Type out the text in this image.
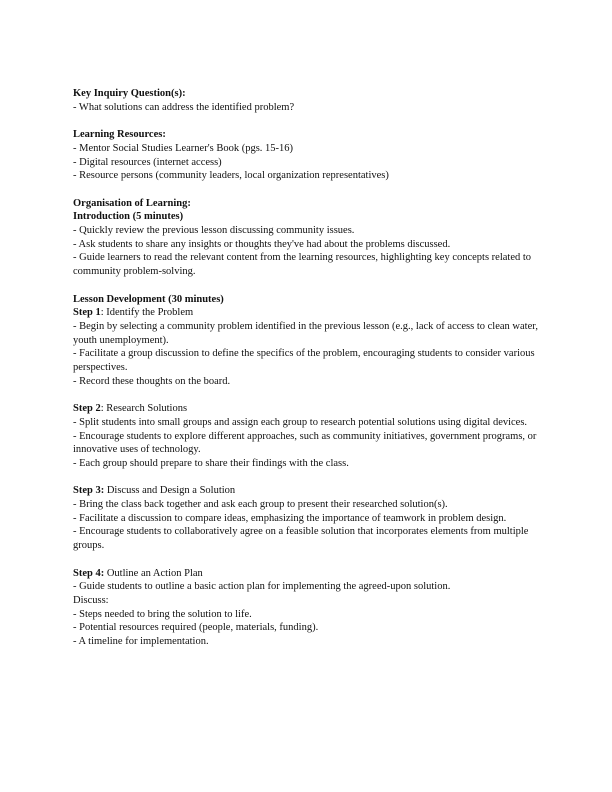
Key Inquiry Question(s):
- What solutions can address the identified problem?
Learning Resources:
- Mentor Social Studies Learner's Book (pgs. 15-16)
- Digital resources (internet access)
- Resource persons (community leaders, local organization representatives)
Organisation of Learning:
Introduction (5 minutes)
- Quickly review the previous lesson discussing community issues.
- Ask students to share any insights or thoughts they've had about the problems discussed.
- Guide learners to read the relevant content from the learning resources, highlighting key concepts related to community problem-solving.
Lesson Development (30 minutes)
Step 1: Identify the Problem
- Begin by selecting a community problem identified in the previous lesson (e.g., lack of access to clean water, youth unemployment).
- Facilitate a group discussion to define the specifics of the problem, encouraging students to consider various perspectives.
- Record these thoughts on the board.
Step 2: Research Solutions
- Split students into small groups and assign each group to research potential solutions using digital devices.
- Encourage students to explore different approaches, such as community initiatives, government programs, or innovative uses of technology.
- Each group should prepare to share their findings with the class.
Step 3: Discuss and Design a Solution
- Bring the class back together and ask each group to present their researched solution(s).
- Facilitate a discussion to compare ideas, emphasizing the importance of teamwork in problem design.
- Encourage students to collaboratively agree on a feasible solution that incorporates elements from multiple groups.
Step 4: Outline an Action Plan
- Guide students to outline a basic action plan for implementing the agreed-upon solution.
Discuss:
- Steps needed to bring the solution to life.
- Potential resources required (people, materials, funding).
- A timeline for implementation.
